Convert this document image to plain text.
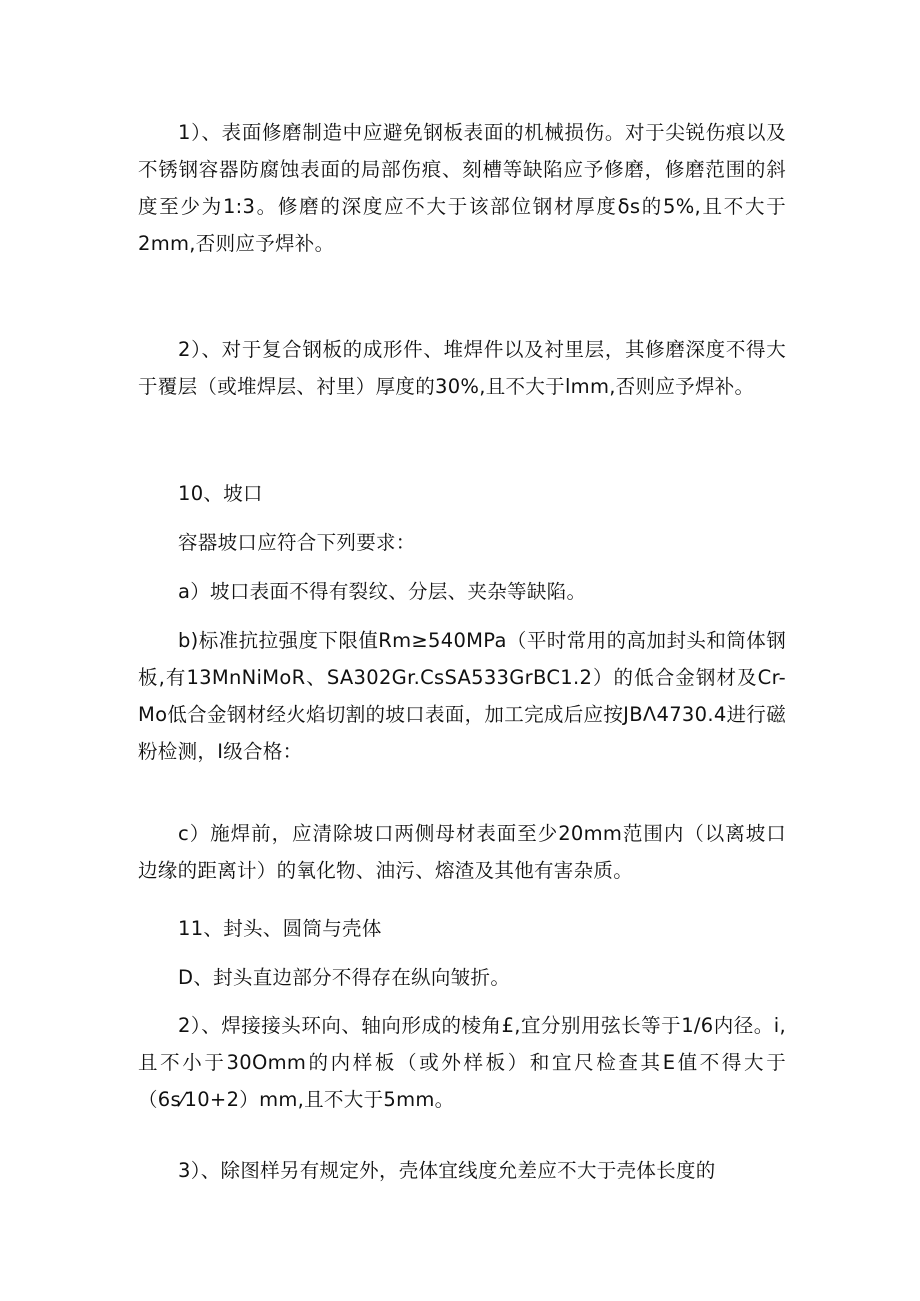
1）、表面修磨制造中应避免钢板表面的机械损伤。对于尖锐伤痕以及不锈钢容器防腐蚀表面的局部伤痕、刻槽等缺陷应予修磨，修磨范围的斜度至少为1:3。修磨的深度应不大于该部位钢材厚度δs的5%,且不大于2mm,否则应予焊补。

2）、对于复合钢板的成形件、堆焊件以及衬里层，其修磨深度不得大于覆层（或堆焊层、衬里）厚度的30%,且不大于lmm,否则应予焊补。

10、坡口

容器坡口应符合下列要求：

a）坡口表面不得有裂纹、分层、夹杂等缺陷。

b)标准抗拉强度下限值Rm≥540MPa（平时常用的高加封头和筒体钢板,有13MnNiMoR、SA302Gr.CsSA533GrBC1.2）的低合金钢材及Cr-Mo低合金钢材经火焰切割的坡口表面，加工完成后应按JBΛ4730.4进行磁粉检测，I级合格：

c）施焊前，应清除坡口两侧母材表面至少20mm范围内（以离坡口边缘的距离计）的氧化物、油污、熔渣及其他有害杂质。

11、封头、圆筒与壳体

D、封头直边部分不得存在纵向皱折。

2）、焊接接头环向、轴向形成的棱角£,宜分别用弦长等于1/6内径。i,且不小于30Omm的内样板（或外样板）和宜尺检查其E值不得大于（6s⁄10+2）mm,且不大于5mm。

3）、除图样另有规定外，壳体宜线度允差应不大于壳体长度的
